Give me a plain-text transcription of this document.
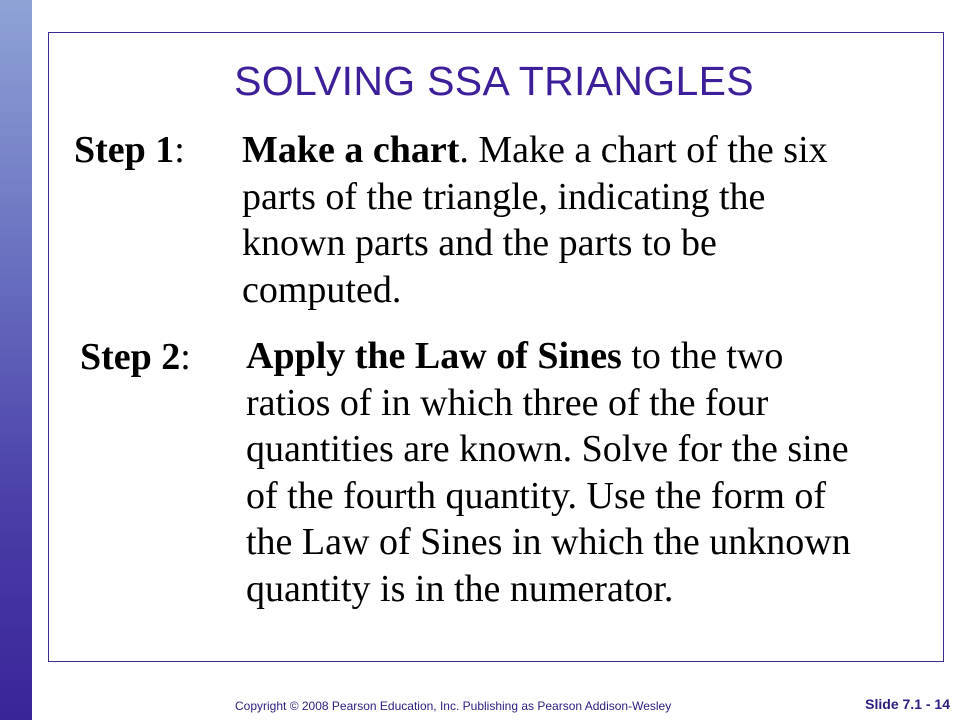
SOLVING SSA TRIANGLES
Step 1: Make a chart. Make a chart of the six parts of the triangle, indicating the known parts and the parts to be computed.
Step 2: Apply the Law of Sines to the two ratios of in which three of the four quantities are known. Solve for the sine of the fourth quantity. Use the form of the Law of Sines in which the unknown quantity is in the numerator.
Copyright © 2008 Pearson Education, Inc. Publishing as Pearson Addison-Wesley	Slide 7.1 - 14
